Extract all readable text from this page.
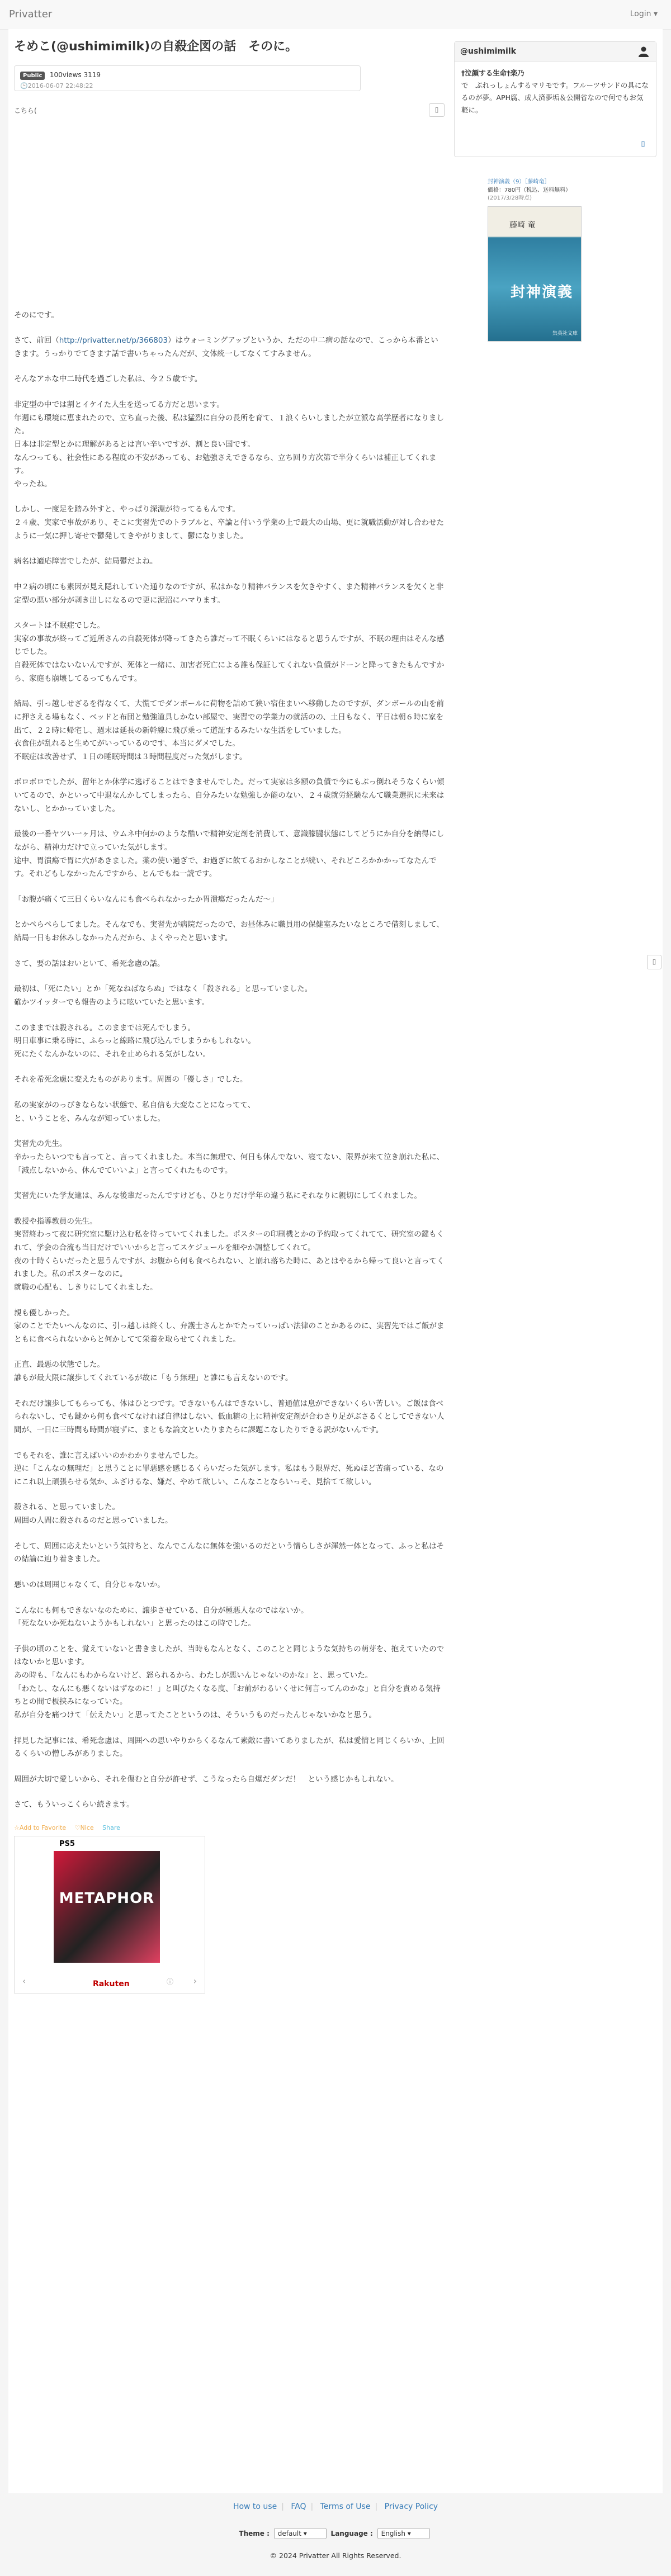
Privatter	Login ▾
そめこ(@ushimimilk)の自殺企図の話　そのに。
Public 100views 3119
🕒2016-06-07 22:48:22
こちら(	▯

そのにです。

さて、前回（http://privatter.net/p/366803）はウォーミングアップというか、ただの中二病の話なので、こっから本番といきます。うっかりでてきます話で書いちゃったんだが、文体統一してなくてすみません。

そんなアホな中二時代を過ごした私は、今２５歳です。

非定型の中では割とイケイた人生を送ってる方だと思います。
年週にも環境に恵まれたので、立ち直った後、私は猛烈に自分の長所を育て、１浪くらいしましたが立派な高学歴者になりました。
日本は非定型とかに理解があるとは言い辛いですが、割と良い国です。
なんつっても、社会性にある程度の不安があっても、お勉強さえできるなら、立ち回り方次第で半分くらいは補正してくれます。
やったね。

しかし、一度足を踏み外すと、やっぱり深淵が待ってるもんです。
２４歳、実家で事故があり、そこに実習先でのトラブルと、卒論と付いう学業の上で最大の山場、更に就職活動が対し合わせたように一気に押し寄せで鬱発してきやがりまして、鬱になりました。

病名は適応障害でしたが、結局鬱だよね。

中２病の頃にも素因が見え隠れしていた通りなのですが、私はかなり精神バランスを欠きやすく、また精神バランスを欠くと非定型の悪い部分が剥き出しになるので更に泥沼にハマります。

スタートは不眠症でした。
実家の事故が終ってご近所さんの自殺死体が降ってきたら誰だって不眠くらいにはなると思うんですが、不眠の理由はそんな感じでした。
自殺死体ではないないんですが、死体と一緒に、加害者死亡による誰も保証してくれない負債がドーンと降ってきたもんですから、家庭も崩壊してるってもんです。

結局、引っ越しせざるを得なくて、大慌てでダンボールに荷物を詰めて狭い宿住まいへ移動したのですが、ダンボールの山を前に押さえる場もなく、ベッドと布団と勉強道具しかない部屋で、実習での学業力の就活のの、土日もなく、平日は朝６時に家を出て、２２時に帰宅し、週末は延長の新幹線に飛び乗って道証するみたいな生活をしていました。
衣食住が乱れると生めてがいっているのです、本当にダメでした。
不眠症は改善せず、１日の睡眠時間は３時間程度だった気がします。

ボロボロでしたが、留年とか休学に逃げることはできませんでした。だって実家は多額の負債で今にもぶっ倒れそうなくらい傾いてるので、かといって中退なんかしてしまったら、自分みたいな勉強しか能のない、２４歳就労経験なんて職業選択に未来はないし、とかかっていました。

最後の一番ヤツい一ヶ月は、ウムネ中何かのような酷いで精神安定剤を消費して、意識朦朧状態にしてどうにか自分を納得にしながら、精神力だけで立っていた気がします。
途中、胃潰瘍で胃に穴があきました。薬の使い過ぎで、お過ぎに飲てるおかしなことが続い、それどころかかかってなたんです。それどもしなかったんですから、とんでもね一読です。

「お腹が痛くて三日くらいなんにも食べられなかったか胃潰瘍だったんだ～」

とかぺらぺらしてました。そんなでも、実習先が病院だったので、お昼休みに職員用の保健室みたいなところで借刻しまして、結局一日もお休みしなかったんだから、よくやったと思います。

さて、要の話はおいといて、希死念慮の話。

最初は、「死にたい」とか「死なねばならぬ」ではなく「殺される」と思っていました。
確かツイッターでも報告のように呟いていたと思います。

このままでは殺される。このままでは死んでしまう。
明日車事に乗る時に、ふらっと線路に飛び込んでしまうかもしれない。
死にたくなんかないのに、それを止められる気がしない。

それを希死念慮に変えたものがあります。周囲の「優しさ」でした。

私の実家がのっぴきならない状態で、私自信も大変なことになってて、
と、いうことを、みんなが知っていました。

実習先の先生。
辛かったらいつでも言ってと、言ってくれました。本当に無理で、何日も休んでない、寝てない、限界が来て泣き崩れた私に、「減点しないから、休んでていいよ」と言ってくれたものです。

実習先にいた学友達は、みんな後輩だったんですけども、ひとりだけ学年の違う私にそれなりに親切にしてくれました。

教授や指導教員の先生。
実習終わって夜に研究室に駆け込む私を待っていてくれました。ポスターの印刷機とかの予約取ってくれてて、研究室の鍵もくれて、学会の合流も当日だけでいいからと言ってスケジュールを細やか調整してくれて。
夜の十時くらいだったと思うんですが、お腹から何も食べられない、と崩れ落ちた時に、あとはやるから帰って良いと言ってくれました。私のポスターなのに。
就職の心配も、しきりにしてくれました。

親も優しかった。
家のことでたいへんなのに、引っ越しは終くし、弁護士さんとかでたっていっぱい法律のことかあるのに、実習先ではご飯がまともに食べられないからと何かしてて栄養を取らせてくれました。

正直、最悪の状態でした。
誰もが最大限に譲歩してくれているが故に「もう無理」と誰にも言えないのです。

それだけ譲歩してもらっても、体はひとつです。できないもんはできないし、普通値は息ができないくらい苦しい。ご飯は食べられないし、でも鍵から何も食べてなければ自律はしない、低血糖の上に精神安定剤が合わさり足がぶさるくとしてできない人間が、一日に三時間も時間が寝ずに、まともな論文といたりまたらに課題こなしたりできる訳がないんです。

でもそれを、誰に言えばいいのかわかりませんでした。
逆に「こんなの無理だ」と思うことに罪悪感を感じるくらいだった気がします。私はもう限界だ、死ぬほど苦痛っている、なのにこれ以上頑張らせる気か、ふざけるな、嫌だ、やめて欲しい、こんなことならいっそ、見捨てて欲しい。

殺される、と思っていました。
周囲の人間に殺されるのだと思っていました。

そして、周囲に応えたいという気持ちと、なんでこんなに無体を強いるのだという憎らしさが渾然一体となって、ふっと私はその結論に辿り着きました。

悪いのは周囲じゃなくて、自分じゃないか。

こんなにも何もできないなのために、譲歩させている、自分が極悪人なのではないか。
「死なないか死ねないようかもしれない」と思ったのはこの時でした。

子供の頃のことを、覚えていないと書きましたが、当時もなんとなく、このことと同じような気持ちの萌芽を、抱えていたのではないかと思います。
あの時も、「なんにもわからないけど、怒られるから、わたしが悪いんじゃないのかな」と、思っていた。
「わたし、なんにも悪くないはずなのに！」と叫びたくなる度、「お前がわるいくせに何言ってんのかな」と自分を責める気持ちとの間で板挟みになっていた。
私が自分を痛つけて「伝えたい」と思ってたことというのは、そういうものだったんじゃないかなと思う。

拝見した記事には、希死念慮は、周囲への思いやりからくるなんて素敵に書いてありましたが、私は愛情と同じくらいか、上回るくらいの憎しみがありました。

周囲が大切で愛しいから、それを傷むと自分が許せず、こうなったら自爆だダンだ！　という感じかもしれない。

さて、もういっこくらい続きます。

☆Add to Favorite ♡Nice Share
PS5
METAPHOR
‹	Rakuten	ⓘ ›
@ushimimilk
†泣顔する生命†楽乃
で　ぶれっしょんするマリモです。フルーツサンドの具になるのが夢。APH腐、成人済夢垢＆公開省なので何でもお気軽に。
▯
封神演義（9）［藤崎竜］
価格：780円（税込、送料無料）
(2017/3/28時点)
藤崎 竜
封神演義
集英社文庫
▯
How to use | FAQ | Terms of Use | Privacy Policy
Theme : default ▾	Language : English ▾
© 2024 Privatter All Rights Reserved.
